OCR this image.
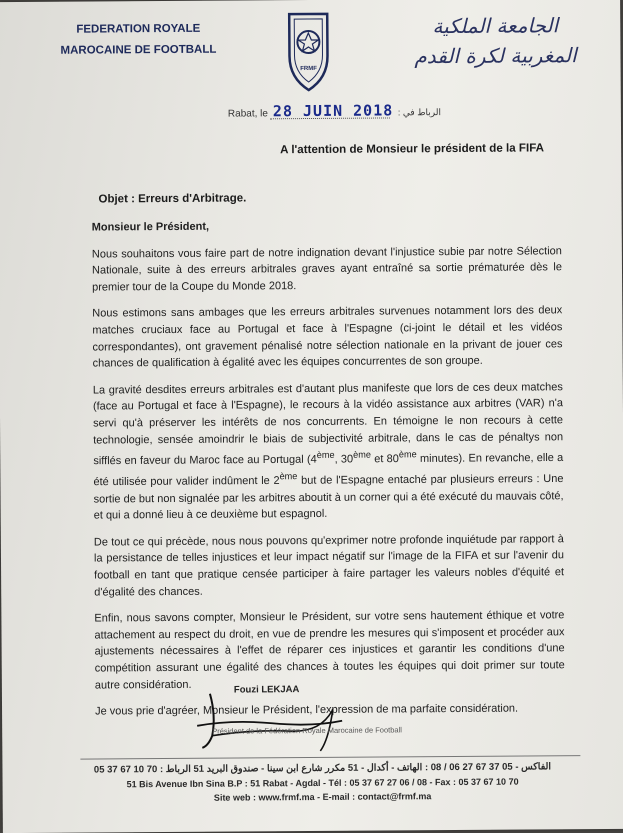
FEDERATION ROYALE
MAROCAINE DE FOOTBALL
FRMF
الجامعة الملكية
المغربية لكرة القدم
Rabat, le 28 JUIN 2018 الرباط في :
A l'attention de Monsieur le président de la FIFA
Objet : Erreurs d'Arbitrage.

Monsieur le Président,

Nous souhaitons vous faire part de notre indignation devant l'injustice subie par notre Sélection Nationale, suite à des erreurs arbitrales graves ayant entraîné sa sortie prématurée dès le premier tour de la Coupe du Monde 2018.

Nous estimons sans ambages que les erreurs arbitrales survenues notamment lors des deux matches cruciaux face au Portugal et face à l'Espagne (ci-joint le détail et les vidéos correspondantes), ont gravement pénalisé notre sélection nationale en la privant de jouer ces chances de qualification à égalité avec les équipes concurrentes de son groupe.

La gravité desdites erreurs arbitrales est d'autant plus manifeste que lors de ces deux matches (face au Portugal et face à l'Espagne), le recours à la vidéo assistance aux arbitres (VAR) n'a servi qu'à préserver les intérêts de nos concurrents. En témoigne le non recours à cette technologie, sensée amoindrir le biais de subjectivité arbitrale, dans le cas de pénaltys non sifflés en faveur du Maroc face au Portugal (4ème, 30ème et 80ème minutes). En revanche, elle a été utilisée pour valider indûment le 2ème but de l'Espagne entaché par plusieurs erreurs : Une sortie de but non signalée par les arbitres aboutit à un corner qui a été exécuté du mauvais côté, et qui a donné lieu à ce deuxième but espagnol.

De tout ce qui précède, nous nous pouvons qu'exprimer notre profonde inquiétude par rapport à la persistance de telles injustices et leur impact négatif sur l'image de la FIFA et sur l'avenir du football en tant que pratique censée participer à faire partager les valeurs nobles d'équité et d'égalité des chances.

Enfin, nous savons compter, Monsieur le Président, sur votre sens hautement éthique et votre attachement au respect du droit, en vue de prendre les mesures qui s'imposent et procéder aux ajustements nécessaires à l'effet de réparer ces injustices et garantir les conditions d'une compétition assurant une égalité des chances à toutes les équipes qui doit primer sur toute autre considération.

Je vous prie d'agréer, Monsieur le Président, l'expression de ma parfaite considération.

Fouzi LEKJAA
Président de la Fédération Royale Marocaine de Football
05 37 67 10 70 : الفاكس - 05 37 67 27 06 / 08 : الهاتف - أكدال - 51 مكرر شارع ابن سينا - صندوق البريد 51 الرباط
51 Bis Avenue Ibn Sina B.P : 51 Rabat - Agdal - Tél : 05 37 67 27 06 / 08 - Fax : 05 37 67 10 70
Site web : www.frmf.ma - E-mail : contact@frmf.ma
